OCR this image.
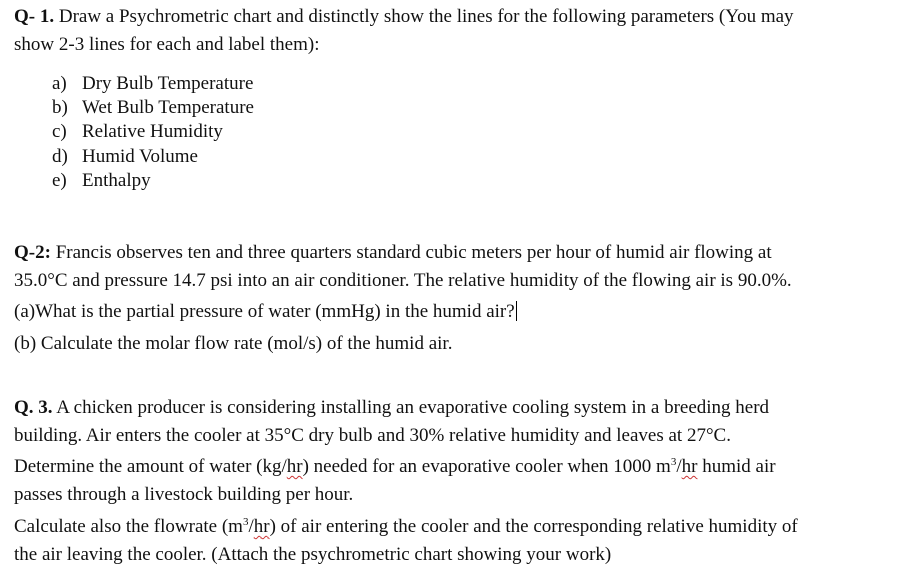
Q- 1. Draw a Psychrometric chart and distinctly show the lines for the following parameters (You may
show 2-3 lines for each and label them):
a) Dry Bulb Temperature
b) Wet Bulb Temperature
c) Relative Humidity
d) Humid Volume
e) Enthalpy
Q-2: Francis observes ten and three quarters standard cubic meters per hour of humid air flowing at
35.0°C and pressure 14.7 psi into an air conditioner. The relative humidity of the flowing air is 90.0%.
(a)What is the partial pressure of water (mmHg) in the humid air?
(b) Calculate the molar flow rate (mol/s) of the humid air.
Q. 3. A chicken producer is considering installing an evaporative cooling system in a breeding herd
building. Air enters the cooler at 35°C dry bulb and 30% relative humidity and leaves at 27°C.
Determine the amount of water (kg/hr) needed for an evaporative cooler when 1000 $m^3/hr$ humid air
passes through a livestock building per hour.
Calculate also the flowrate $(m^3/hr)$ of air entering the cooler and the corresponding relative humidity of
the air leaving the cooler. (Attach the psychrometric chart showing your work)
